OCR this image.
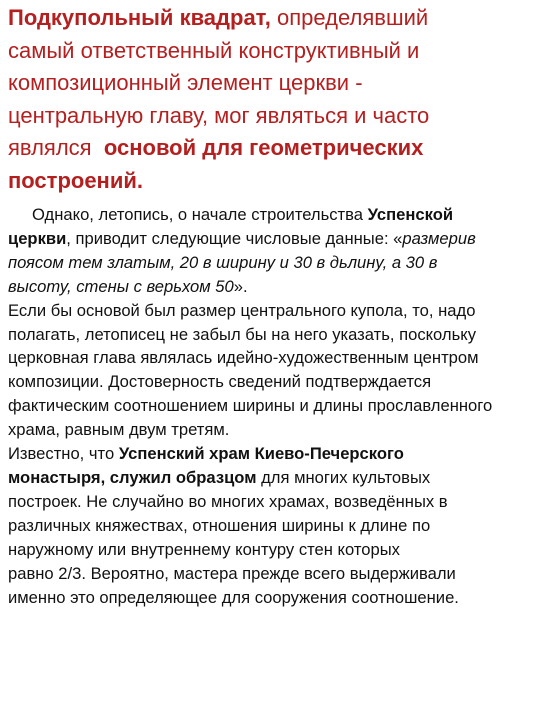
Подкупольный квадрат, определявший
самый ответственный конструктивный и
композиционный элемент церкви -
центральную главу, мог являться и часто
являлся  основой для геометрических
построений.
Однако, летопись, о начале строительства Успенской
церкви, приводит следующие числовые данные: «размерив
поясом тем златым, 20 в ширину и 30 в дьлину, а 30 в
высоту, стены с верьхом 50».
Если бы основой был размер центрального купола, то, надо
полагать, летописец не забыл бы на него указать, поскольку
церковная глава являлась идейно-художественным центром
композиции. Достоверность сведений подтверждается
фактическим соотношением ширины и длины прославленного
храма, равным двум третям.
Известно, что Успенский храм Киево-Печерского
монастыря, служил образцом для многих культовых
построек. Не случайно во многих храмах, возведённых в
различных княжествах, отношения ширины к длине по
наружному или внутреннему контуру стен которых
равно 2/3. Вероятно, мастера прежде всего выдерживали
именно это определяющее для сооружения соотношение.
